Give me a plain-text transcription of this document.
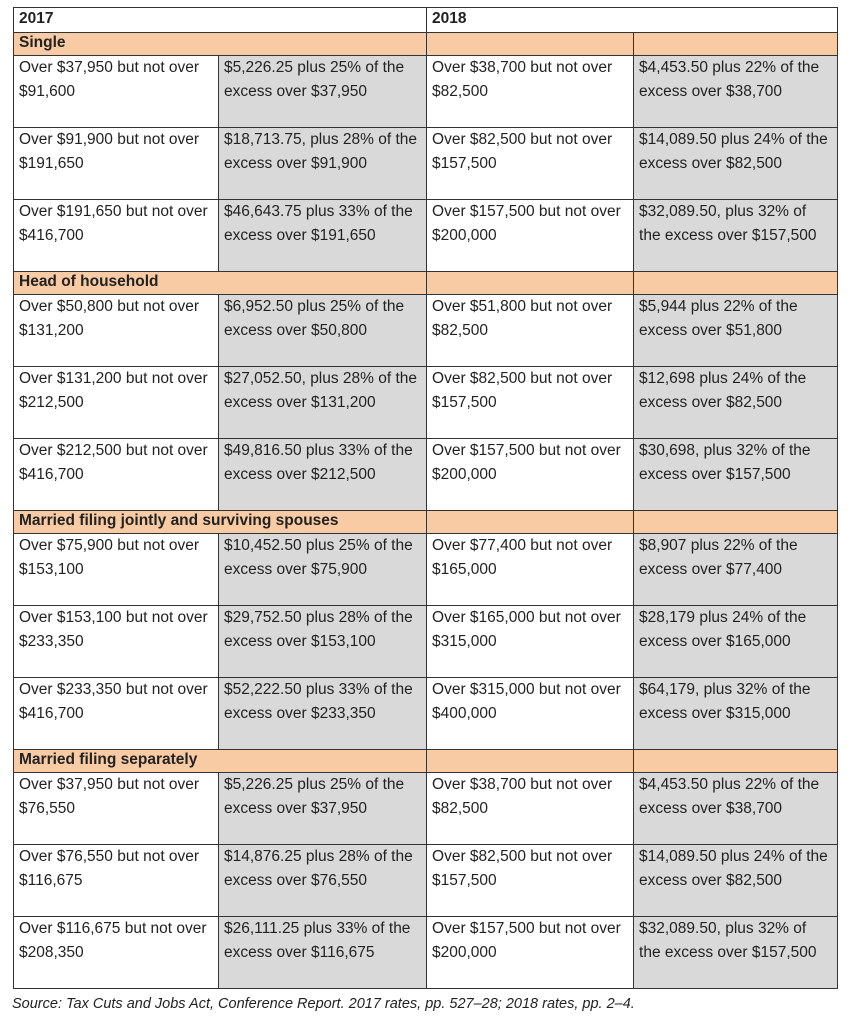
2017		2018	
Single			
Over $37,950 but not over $91,600	$5,226.25 plus 25% of the excess over $37,950	Over $38,700 but not over $82,500	$4,453.50 plus 22% of the excess over $38,700
Over $91,900 but not over $191,650	$18,713.75, plus 28% of the excess over $91,900	Over $82,500 but not over $157,500	$14,089.50 plus 24% of the excess over $82,500
Over $191,650 but not over $416,700	$46,643.75 plus 33% of the excess over $191,650	Over $157,500 but not over $200,000	$32,089.50, plus 32% of the excess over $157,500
Head of household			
Over $50,800 but not over $131,200	$6,952.50 plus 25% of the excess over $50,800	Over $51,800 but not over $82,500	$5,944 plus 22% of the excess over $51,800
Over $131,200 but not over $212,500	$27,052.50, plus 28% of the excess over $131,200	Over $82,500 but not over $157,500	$12,698 plus 24% of the excess over $82,500
Over $212,500 but not over $416,700	$49,816.50 plus 33% of the excess over $212,500	Over $157,500 but not over $200,000	$30,698, plus 32% of the excess over $157,500
Married filing jointly and surviving spouses			
Over $75,900 but not over $153,100	$10,452.50 plus 25% of the excess over $75,900	Over $77,400 but not over $165,000	$8,907 plus 22% of the excess over $77,400
Over $153,100 but not over $233,350	$29,752.50 plus 28% of the excess over $153,100	Over $165,000 but not over $315,000	$28,179 plus 24% of the excess over $165,000
Over $233,350 but not over $416,700	$52,222.50 plus 33% of the excess over $233,350	Over $315,000 but not over $400,000	$64,179, plus 32% of the excess over $315,000
Married filing separately			
Over $37,950 but not over $76,550	$5,226.25 plus 25% of the excess over $37,950	Over $38,700 but not over $82,500	$4,453.50 plus 22% of the excess over $38,700
Over $76,550 but not over $116,675	$14,876.25 plus 28% of the excess over $76,550	Over $82,500 but not over $157,500	$14,089.50 plus 24% of the excess over $82,500
Over $116,675 but not over $208,350	$26,111.25 plus 33% of the excess over $116,675	Over $157,500 but not over $200,000	$32,089.50, plus 32% of the excess over $157,500
Source: Tax Cuts and Jobs Act, Conference Report. 2017 rates, pp. 527–28; 2018 rates, pp. 2–4.
